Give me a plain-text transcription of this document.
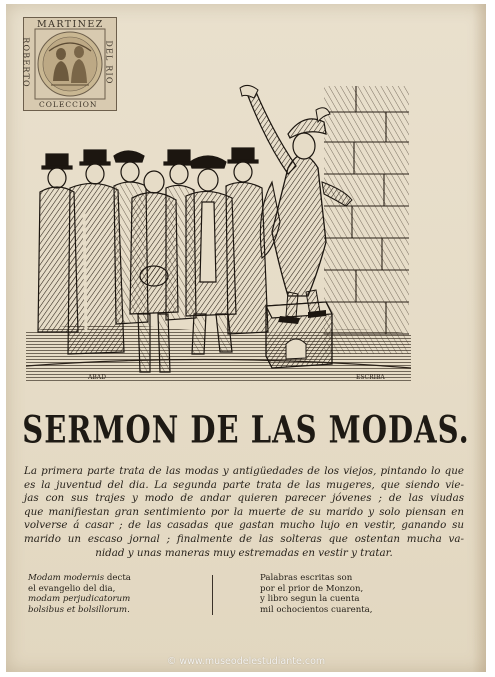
MARTINEZ
COLECCION
ROBERTO	DEL RIO
ABAD	ESCRIBA
SERMON DE LAS MODAS.
La primera parte trata de las modas y antigüedades de los viejos, pintando lo que
es la juventud del dia. La segunda parte trata de las mugeres, que siendo vie-
jas con sus trajes y modo de andar quieren parecer jóvenes ; de las viudas
que manifiestan gran sentimiento por la muerte de su marido y solo piensan en
volverse á casar ; de las casadas que gastan mucho lujo en vestir, ganando su
marido un escaso jornal ; finalmente de las solteras que ostentan mucha va-
nidad y unas maneras muy estremadas en vestir y tratar.
Modam modernis decta
el evangelio del dia,
modam perjudicatorum
bolsibus et bolsillorum.
Palabras escritas son
por el prior de Monzon,
y libro segun la cuenta
mil ochocientos cuarenta,
© www.museodelestudiante.com
